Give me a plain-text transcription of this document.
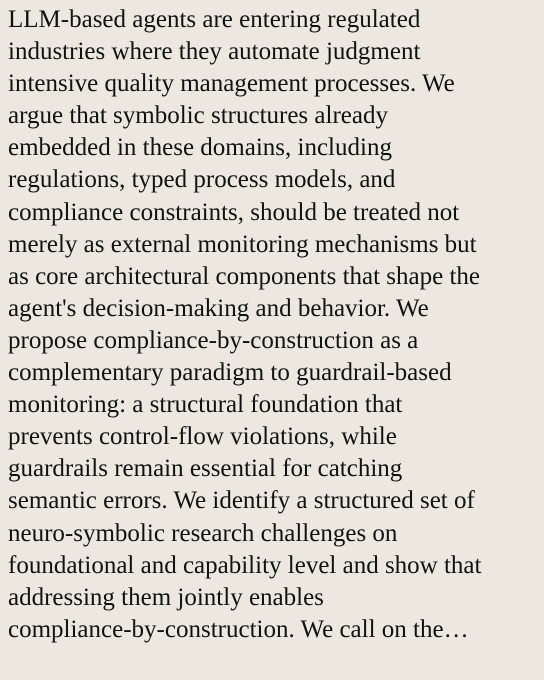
LLM-based agents are entering regulated
industries where they automate judgment
intensive quality management processes. We
argue that symbolic structures already
embedded in these domains, including
regulations, typed process models, and
compliance constraints, should be treated not
merely as external monitoring mechanisms but
as core architectural components that shape the
agent's decision-making and behavior. We
propose compliance-by-construction as a
complementary paradigm to guardrail-based
monitoring: a structural foundation that
prevents control-flow violations, while
guardrails remain essential for catching
semantic errors. We identify a structured set of
neuro-symbolic research challenges on
foundational and capability level and show that
addressing them jointly enables
compliance-by-construction. We call on the…
